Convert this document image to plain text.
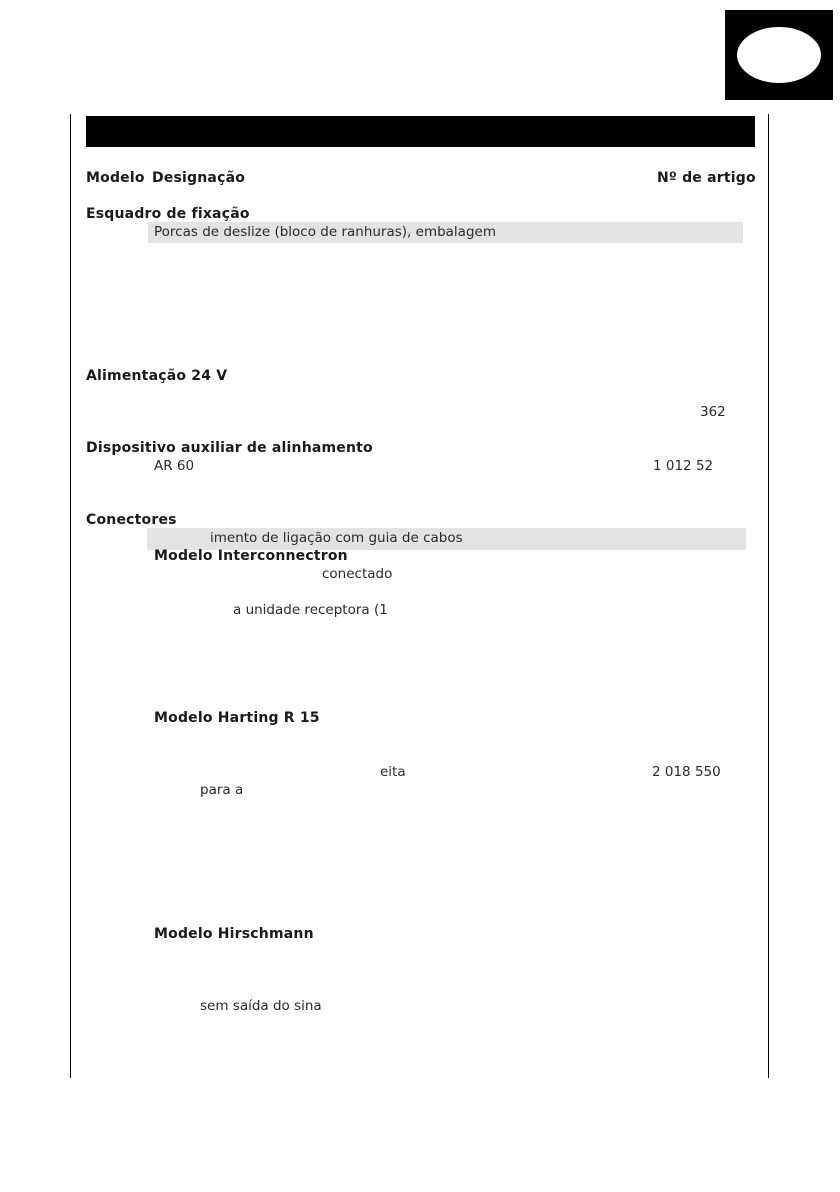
Modelo Designação	Nº de artigo
Esquadro de fixação
Porcas de deslize (bloco de ranhuras), embalagem
Alimentação 24 V
362
Dispositivo auxiliar de alinhamento
AR 60	1 012 52
Conectores
imento de ligação com guia de cabos
Modelo Interconnectron
conectado
a unidade receptora (1
Modelo Harting R 15
eita	2 018 550
para a
Modelo Hirschmann
sem saída do sina
